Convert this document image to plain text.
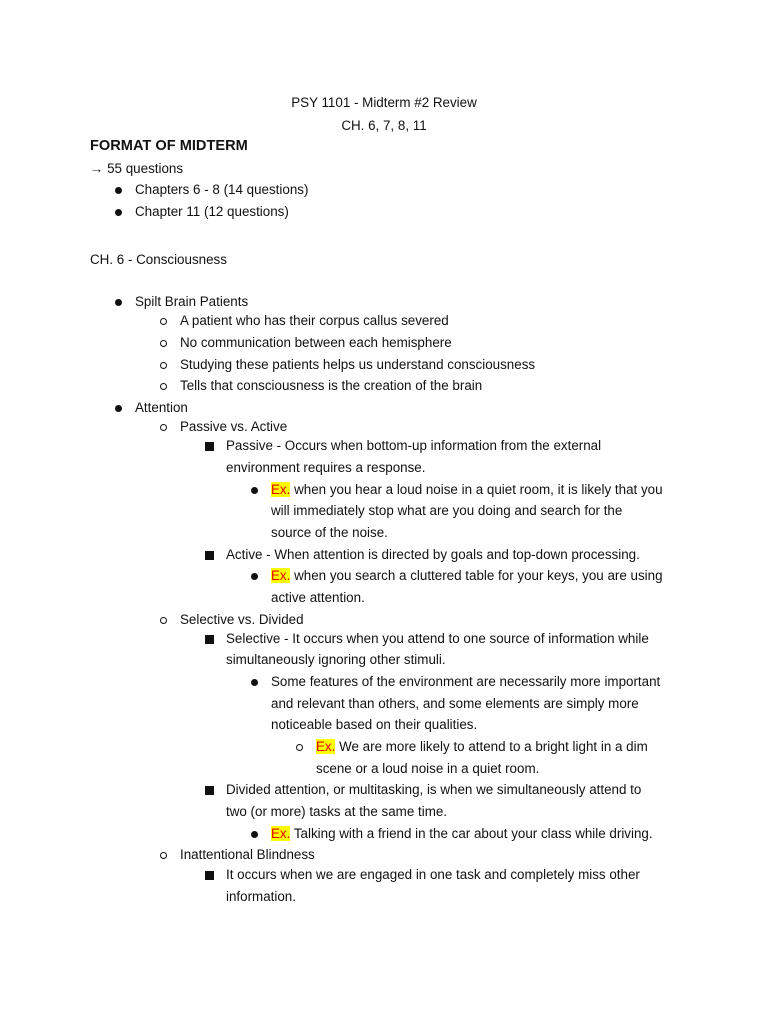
PSY 1101 - Midterm #2 Review
CH. 6, 7, 8, 11
FORMAT OF MIDTERM
→ 55 questions
Chapters 6 - 8 (14 questions)
Chapter 11 (12 questions)
CH. 6 - Consciousness
Spilt Brain Patients
A patient who has their corpus callus severed
No communication between each hemisphere
Studying these patients helps us understand consciousness
Tells that consciousness is the creation of the brain
Attention
Passive vs. Active
Passive - Occurs when bottom-up information from the external
environment requires a response.
Ex. when you hear a loud noise in a quiet room, it is likely that you
will immediately stop what are you doing and search for the
source of the noise.
Active - When attention is directed by goals and top-down processing.
Ex. when you search a cluttered table for your keys, you are using
active attention.
Selective vs. Divided
Selective - It occurs when you attend to one source of information while
simultaneously ignoring other stimuli.
Some features of the environment are necessarily more important
and relevant than others, and some elements are simply more
noticeable based on their qualities.
Ex. We are more likely to attend to a bright light in a dim
scene or a loud noise in a quiet room.
Divided attention, or multitasking, is when we simultaneously attend to
two (or more) tasks at the same time.
Ex. Talking with a friend in the car about your class while driving.
Inattentional Blindness
It occurs when we are engaged in one task and completely miss other
information.
